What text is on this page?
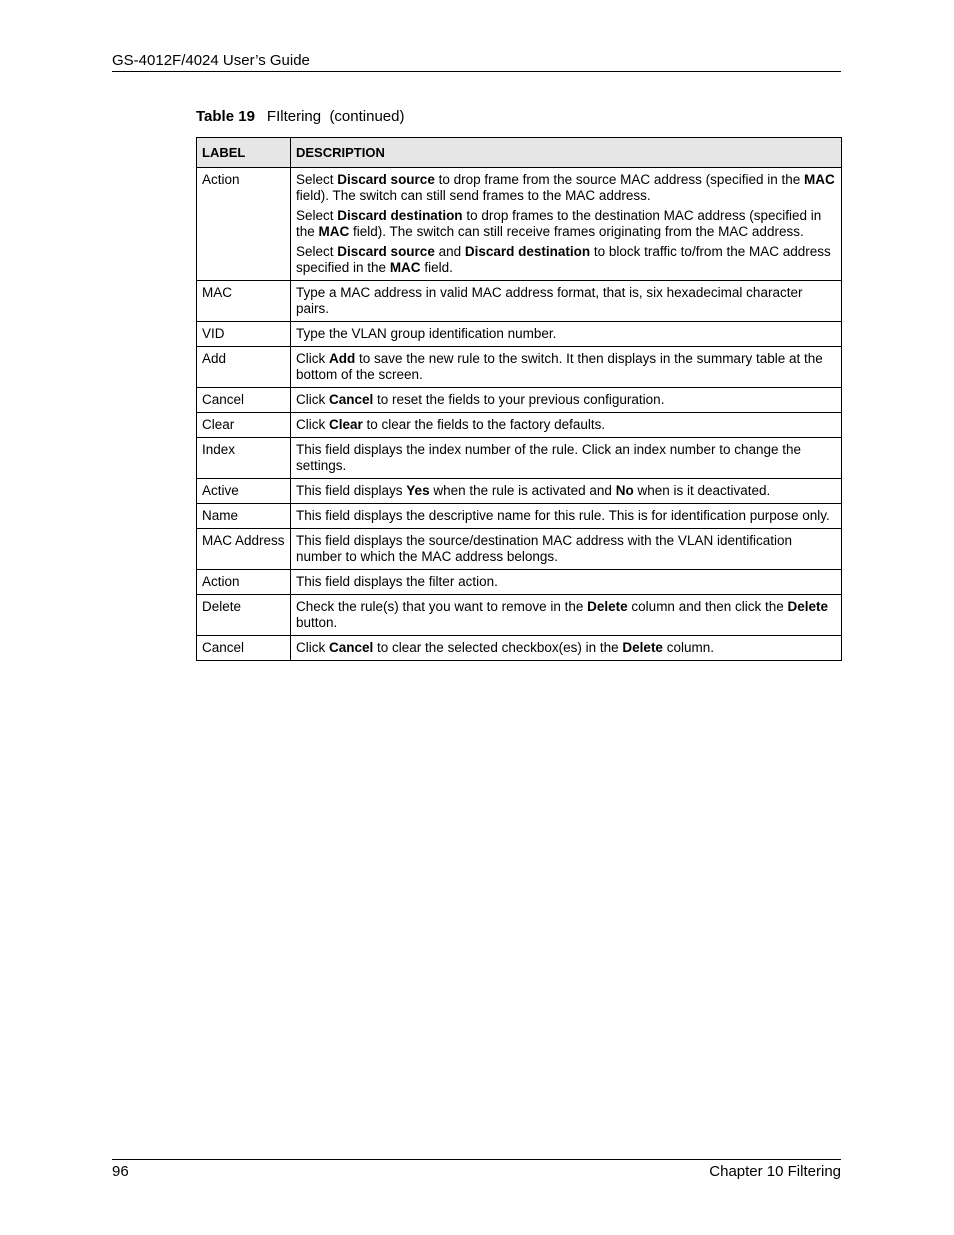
GS-4012F/4024 User’s Guide
Table 19 FIltering  (continued)
LABEL	DESCRIPTION
Action	Select Discard source to drop frame from the source MAC address (specified in the MAC field). The switch can still send frames to the MAC address.

Select Discard destination to drop frames to the destination MAC address (specified in the MAC field). The switch can still receive frames originating from the MAC address.

Select Discard source and Discard destination to block traffic to/from the MAC address specified in the MAC field.

MAC	Type a MAC address in valid MAC address format, that is, six hexadecimal character pairs.

VID	Type the VLAN group identification number.

Add	Click Add to save the new rule to the switch. It then displays in the summary table at the bottom of the screen.

Cancel	Click Cancel to reset the fields to your previous configuration.

Clear	Click Clear to clear the fields to the factory defaults.

Index	This field displays the index number of the rule. Click an index number to change the settings.

Active	This field displays Yes when the rule is activated and No when is it deactivated.

Name	This field displays the descriptive name for this rule. This is for identification purpose only.

MAC Address	This field displays the source/destination MAC address with the VLAN identification number to which the MAC address belongs.

Action	This field displays the filter action.

Delete	Check the rule(s) that you want to remove in the Delete column and then click the Delete button.

Cancel	Click Cancel to clear the selected checkbox(es) in the Delete column.

96	Chapter 10 Filtering
